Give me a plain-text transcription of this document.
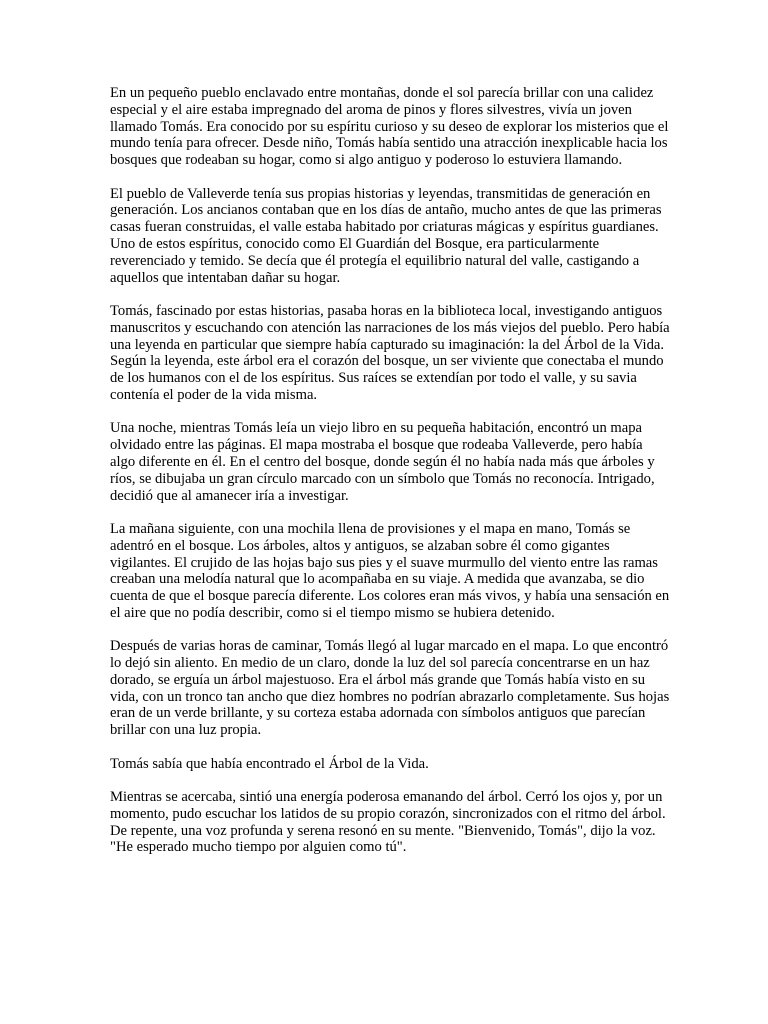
En un pequeño pueblo enclavado entre montañas, donde el sol parecía brillar con una calidez especial y el aire estaba impregnado del aroma de pinos y flores silvestres, vivía un joven llamado Tomás. Era conocido por su espíritu curioso y su deseo de explorar los misterios que el mundo tenía para ofrecer. Desde niño, Tomás había sentido una atracción inexplicable hacia los bosques que rodeaban su hogar, como si algo antiguo y poderoso lo estuviera llamando.

El pueblo de Valleverde tenía sus propias historias y leyendas, transmitidas de generación en generación. Los ancianos contaban que en los días de antaño, mucho antes de que las primeras casas fueran construidas, el valle estaba habitado por criaturas mágicas y espíritus guardianes. Uno de estos espíritus, conocido como El Guardián del Bosque, era particularmente reverenciado y temido. Se decía que él protegía el equilibrio natural del valle, castigando a aquellos que intentaban dañar su hogar.

Tomás, fascinado por estas historias, pasaba horas en la biblioteca local, investigando antiguos manuscritos y escuchando con atención las narraciones de los más viejos del pueblo. Pero había una leyenda en particular que siempre había capturado su imaginación: la del Árbol de la Vida. Según la leyenda, este árbol era el corazón del bosque, un ser viviente que conectaba el mundo de los humanos con el de los espíritus. Sus raíces se extendían por todo el valle, y su savia contenía el poder de la vida misma.

Una noche, mientras Tomás leía un viejo libro en su pequeña habitación, encontró un mapa olvidado entre las páginas. El mapa mostraba el bosque que rodeaba Valleverde, pero había algo diferente en él. En el centro del bosque, donde según él no había nada más que árboles y ríos, se dibujaba un gran círculo marcado con un símbolo que Tomás no reconocía. Intrigado, decidió que al amanecer iría a investigar.

La mañana siguiente, con una mochila llena de provisiones y el mapa en mano, Tomás se adentró en el bosque. Los árboles, altos y antiguos, se alzaban sobre él como gigantes vigilantes. El crujido de las hojas bajo sus pies y el suave murmullo del viento entre las ramas creaban una melodía natural que lo acompañaba en su viaje. A medida que avanzaba, se dio cuenta de que el bosque parecía diferente. Los colores eran más vivos, y había una sensación en el aire que no podía describir, como si el tiempo mismo se hubiera detenido.

Después de varias horas de caminar, Tomás llegó al lugar marcado en el mapa. Lo que encontró lo dejó sin aliento. En medio de un claro, donde la luz del sol parecía concentrarse en un haz dorado, se erguía un árbol majestuoso. Era el árbol más grande que Tomás había visto en su vida, con un tronco tan ancho que diez hombres no podrían abrazarlo completamente. Sus hojas eran de un verde brillante, y su corteza estaba adornada con símbolos antiguos que parecían brillar con una luz propia.

Tomás sabía que había encontrado el Árbol de la Vida.

Mientras se acercaba, sintió una energía poderosa emanando del árbol. Cerró los ojos y, por un momento, pudo escuchar los latidos de su propio corazón, sincronizados con el ritmo del árbol. De repente, una voz profunda y serena resonó en su mente. "Bienvenido, Tomás", dijo la voz. "He esperado mucho tiempo por alguien como tú".
